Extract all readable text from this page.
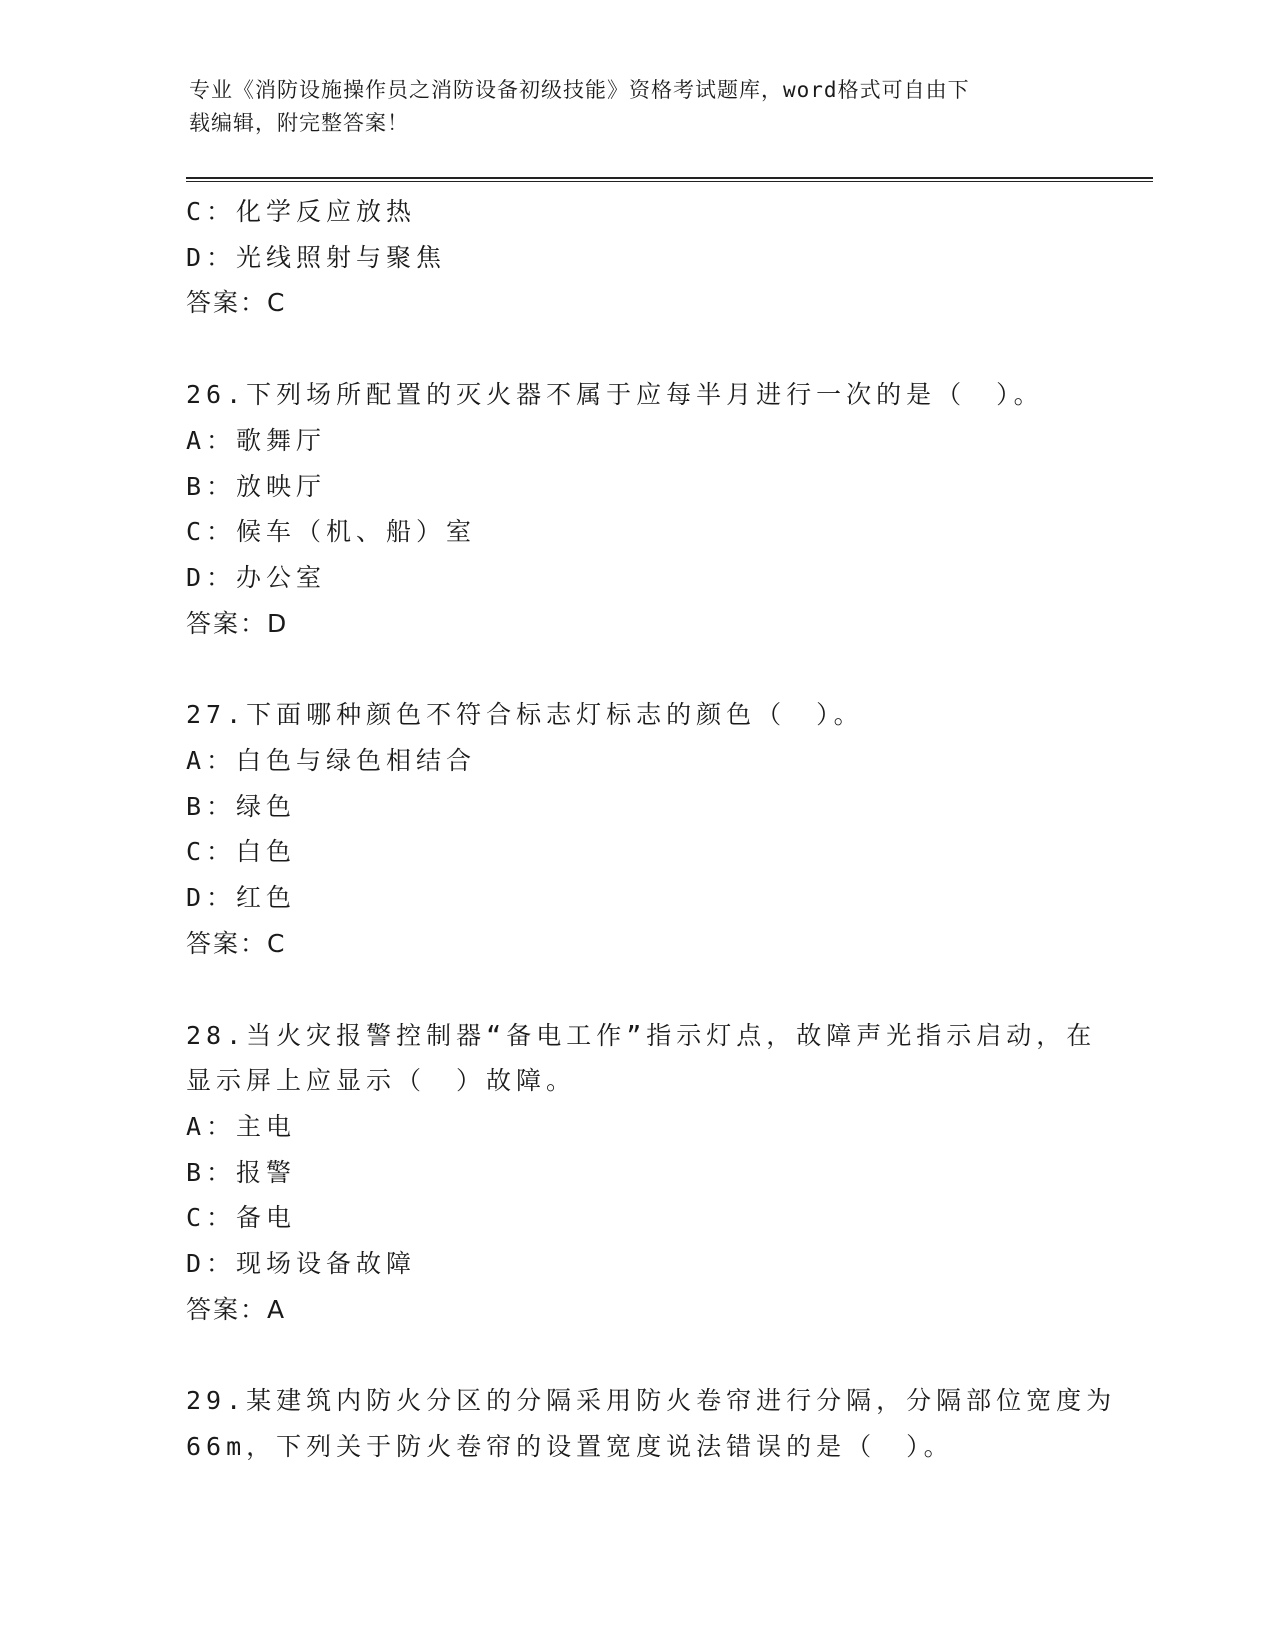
专业《消防设施操作员之消防设备初级技能》资格考试题库，word格式可自由下
载编辑，附完整答案！
C：化学反应放热
D：光线照射与聚焦
答案：C
26.下列场所配置的灭火器不属于应每半月进行一次的是（　）。
A：歌舞厅
B：放映厅
C：候车（机、船）室
D：办公室
答案：D
27.下面哪种颜色不符合标志灯标志的颜色（　）。
A：白色与绿色相结合
B：绿色
C：白色
D：红色
答案：C
28.当火灾报警控制器“备电工作”指示灯点，故障声光指示启动，在
显示屏上应显示（　）故障。
A：主电
B：报警
C：备电
D：现场设备故障
答案：A
29.某建筑内防火分区的分隔采用防火卷帘进行分隔，分隔部位宽度为
66m，下列关于防火卷帘的设置宽度说法错误的是（　）。
